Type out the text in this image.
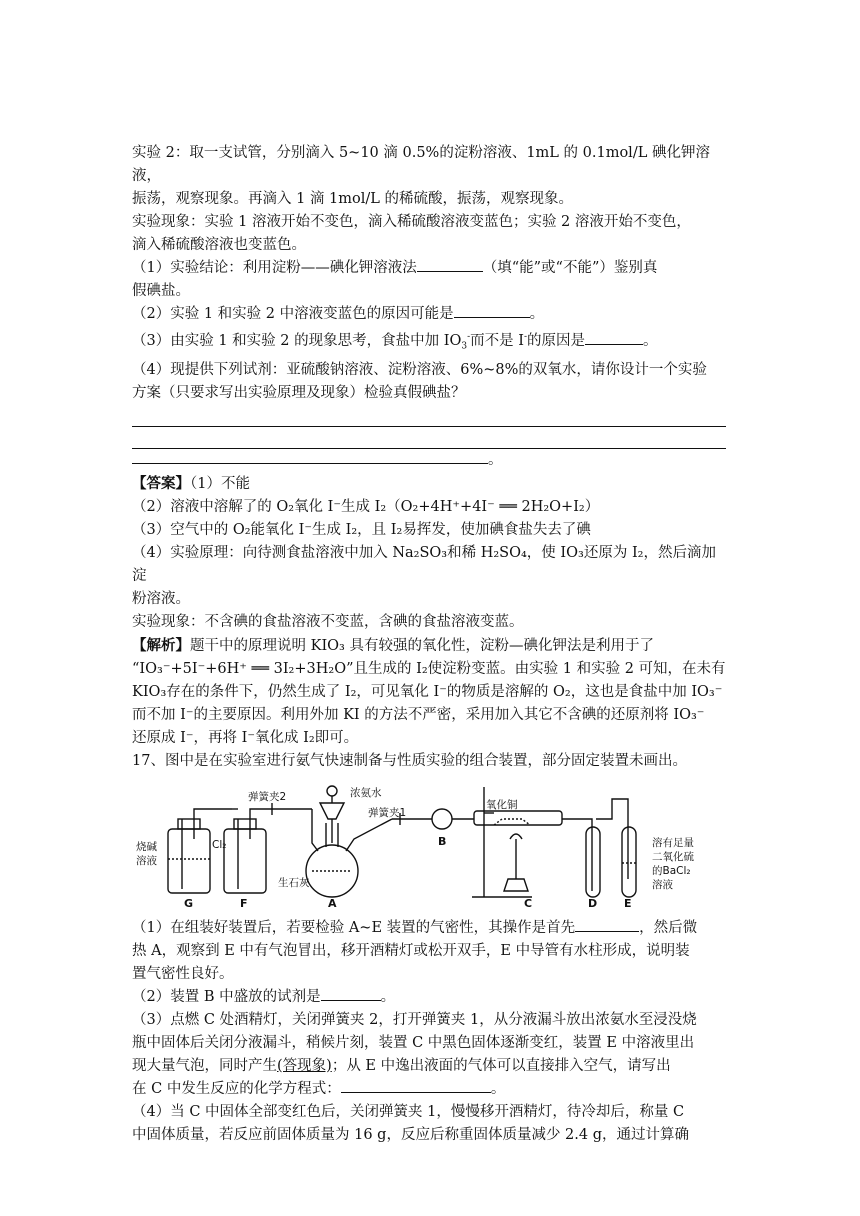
实验 2：取一支试管，分别滴入 5~10 滴 0.5%的淀粉溶液、1mL 的 0.1mol/L 碘化钾溶液，

振荡，观察现象。再滴入 1 滴 1mol/L 的稀硫酸，振荡，观察现象。

实验现象：实验 1 溶液开始不变色，滴入稀硫酸溶液变蓝色；实验 2 溶液开始不变色，

滴入稀硫酸溶液也变蓝色。

（1）实验结论：利用淀粉——碘化钾溶液法	（填“能”或“不能”）鉴别真

假碘盐。

（2）实验 1 和实验 2 中溶液变蓝色的原因可能是	。

（3）由实验 1 和实验 2 的现象思考，食盐中加 $IO_3^-$而不是 I-的原因是	。

（4）现提供下列试剂：亚硫酸钠溶液、淀粉溶液、6%~8%的双氧水，请你设计一个实验

方案（只要求写出实验原理及现象）检验真假碘盐？

。

【答案】（1）不能

（2）溶液中溶解了的 O₂氧化 I⁻生成 I₂（O₂+4H⁺+4I⁻ ══ 2H₂O+I₂）

（3）空气中的 O₂能氧化 I⁻生成 I₂，且 I₂易挥发，使加碘食盐失去了碘

（4）实验原理：向待测食盐溶液中加入 Na₂SO₃和稀 H₂SO₄，使 IO₃还原为 I₂，然后滴加淀

粉溶液。

实验现象：不含碘的食盐溶液不变蓝，含碘的食盐溶液变蓝。

【解析】题干中的原理说明 KIO₃ 具有较强的氧化性，淀粉—碘化钾法是利用于了

“IO₃⁻+5I⁻+6H⁺ ══ 3I₂+3H₂O”且生成的 I₂使淀粉变蓝。由实验 1 和实验 2 可知，在未有

KIO₃存在的条件下，仍然生成了 I₂，可见氧化 I⁻的物质是溶解的 O₂，这也是食盐中加 IO₃⁻

而不加 I⁻的主要原因。利用外加 KI 的方法不严密，采用加入其它不含碘的还原剂将 IO₃⁻

还原成 I⁻，再将 I⁻氧化成 I₂即可。

17、图中是在实验室进行氨气快速制备与性质实验的组合装置，部分固定装置未画出。

烧碱
溶液
Cl₂
弹簧夹2	浓氨水
弹簧夹1
氧化铜
生石灰
溶有足量
二氧化硫
的BaCl₂
溶液
G	F	A
B
C	D E

（1）在组装好装置后，若要检验 A~E 装置的气密性，其操作是首先	，然后微

热 A，观察到 E 中有气泡冒出，移开酒精灯或松开双手，E 中导管有水柱形成，说明装

置气密性良好。

（2）装置 B 中盛放的试剂是	。

（3）点燃 C 处酒精灯，关闭弹簧夹 2，打开弹簧夹 1，从分液漏斗放出浓氨水至浸没烧

瓶中固体后关闭分液漏斗，稍候片刻，装置 C 中黑色固体逐渐变红，装置 E 中溶液里出

现大量气泡，同时产生(答现象)；从 E 中逸出液面的气体可以直接排入空气，请写出

在 C 中发生反应的化学方程式：	。

（4）当 C 中固体全部变红色后，关闭弹簧夹 1，慢慢移开酒精灯，待冷却后，称量 C

中固体质量，若反应前固体质量为 16 g，反应后称重固体质量减少 2.4 g，通过计算确
